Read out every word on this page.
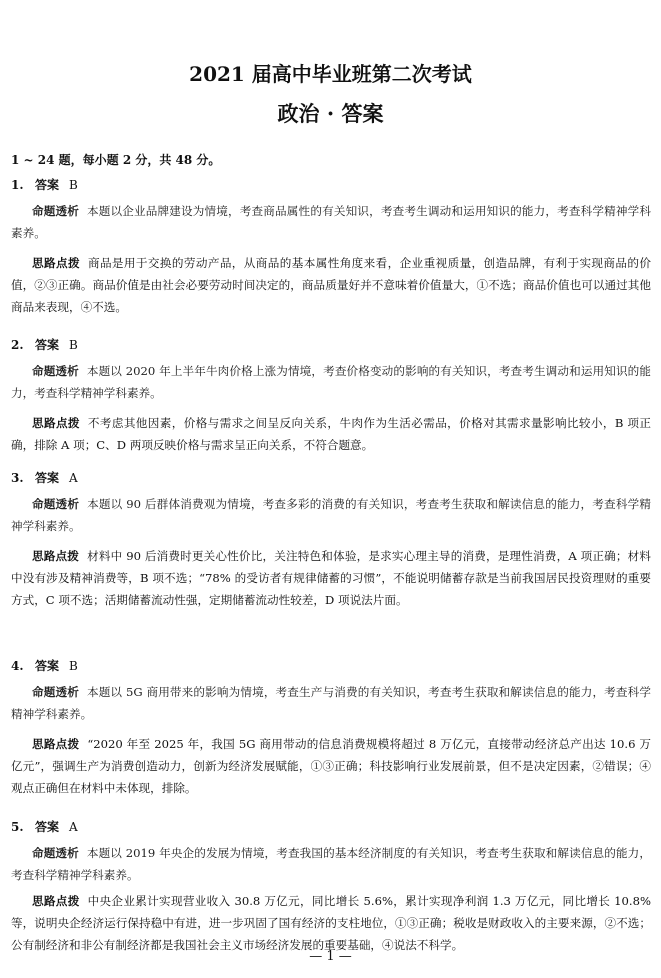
2021 届高中毕业班第二次考试
政治 · 答案
1 ~ 24 题，每小题 2 分，共 48 分。
1. 答案 B

命题透析 本题以企业品牌建设为情境，考查商品属性的有关知识，考查考生调动和运用知识的能力，考查科学精神学科素养。

思路点拨 商品是用于交换的劳动产品，从商品的基本属性角度来看，企业重视质量，创造品牌，有利于实现商品的价值，②③正确。商品价值是由社会必要劳动时间决定的，商品质量好并不意味着价值量大，①不选；商品价值也可以通过其他商品来表现，④不选。

2. 答案 B

命题透析 本题以 2020 年上半年牛肉价格上涨为情境，考查价格变动的影响的有关知识，考查考生调动和运用知识的能力，考查科学精神学科素养。

思路点拨 不考虑其他因素，价格与需求之间呈反向关系，牛肉作为生活必需品，价格对其需求量影响比较小，B 项正确，排除 A 项；C、D 两项反映价格与需求呈正向关系，不符合题意。

3. 答案 A

命题透析 本题以 90 后群体消费观为情境，考查多彩的消费的有关知识，考查考生获取和解读信息的能力，考查科学精神学科素养。

思路点拨 材料中 90 后消费时更关心性价比，关注特色和体验，是求实心理主导的消费，是理性消费，A 项正确；材料中没有涉及精神消费等，B 项不选；“78% 的受访者有规律储蓄的习惯”，不能说明储蓄存款是当前我国居民投资理财的重要方式，C 项不选；活期储蓄流动性强，定期储蓄流动性较差，D 项说法片面。

4. 答案 B

命题透析 本题以 5G 商用带来的影响为情境，考查生产与消费的有关知识，考查考生获取和解读信息的能力，考查科学精神学科素养。

思路点拨 “2020 年至 2025 年，我国 5G 商用带动的信息消费规模将超过 8 万亿元，直接带动经济总产出达 10.6 万亿元”，强调生产为消费创造动力，创新为经济发展赋能，①③正确；科技影响行业发展前景，但不是决定因素，②错误；④观点正确但在材料中未体现，排除。

5. 答案 A

命题透析 本题以 2019 年央企的发展为情境，考查我国的基本经济制度的有关知识，考查考生获取和解读信息的能力，考查科学精神学科素养。

思路点拨 中央企业累计实现营业收入 30.8 万亿元，同比增长 5.6%，累计实现净利润 1.3 万亿元，同比增长 10.8% 等，说明央企经济运行保持稳中有进，进一步巩固了国有经济的支柱地位，①③正确；税收是财政收入的主要来源，②不选；公有制经济和非公有制经济都是我国社会主义市场经济发展的重要基础，④说法不科学。

— 1 —
